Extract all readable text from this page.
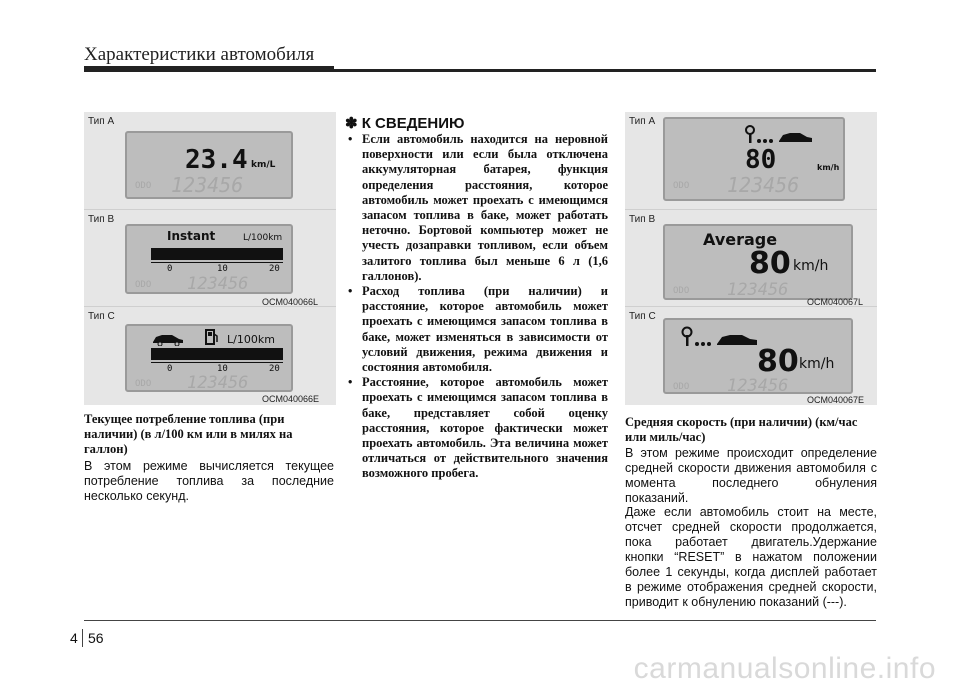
Характеристики автомобиля
Тип A
23.4 km/L
ODO 123456
Тип B
Instant	L/100km
0	10	20
ODO 123456
OCM040066L
Тип C
L/100km
0	10	20
ODO 123456
OCM040066E
Текущее потребление топлива (при наличии) (в л/100 км или в милях на галлон)
В этом режиме вычисляется текущее потребление топлива за последние несколько секунд.
✽ К СВЕДЕНИЮ
• Если автомобиль находится на неровной поверхности или если была отключена аккумуляторная батарея, функция определения расстояния, которое автомобиль может проехать с имеющимся запасом топлива в баке, может работать неточно. Бортовой компьютер может не учесть дозаправки топливом, если объем залитого топлива был меньше 6 л (1,6 галлонов).
• Расход топлива (при наличии) и расстояние, которое автомобиль может проехать с имеющимся запасом топлива в баке, может изменяться в зависимости от условий движения, режима движения и состояния автомобиля.
• Расстояние, которое автомобиль может проехать с имеющимся запасом топлива в баке, представляет собой оценку расстояния, которое фактически может проехать автомобиль. Эта величина может отличаться от действительного значения возможного пробега.
Тип A
80	km/h
ODO 123456
Тип B
Average
80 km/h
ODO 123456
OCM040067L
Тип C
80 km/h
ODO 123456
OCM040067E
Средняя скорость (при наличии) (км/час или миль/час)
В этом режиме происходит определение средней скорости движения автомобиля с момента последнего обнуления показаний.
Даже если автомобиль стоит на месте, отсчет средней скорости продолжается, пока работает двигатель.Удержание кнопки “RESET” в нажатом положении более 1 секунды, когда дисплей работает в режиме отображения средней скорости, приводит к обнулению показаний (---).
4 56
carmanualsonline.info
